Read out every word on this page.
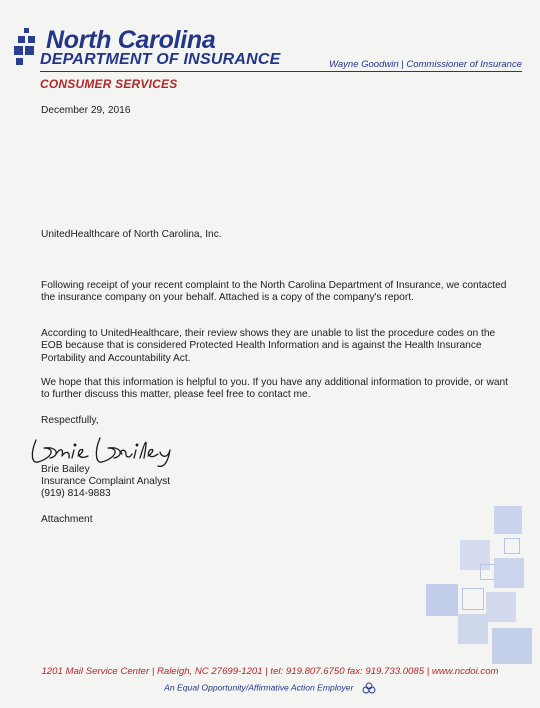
North Carolina
DEPARTMENT OF INSURANCE	Wayne Goodwin | Commissioner of Insurance
CONSUMER SERVICES
December 29, 2016
UnitedHealthcare of North Carolina, Inc.

Following receipt of your recent complaint to the North Carolina Department of Insurance, we contacted the insurance company on your behalf. Attached is a copy of the company's report.

According to UnitedHealthcare, their review shows they are unable to list the procedure codes on the EOB because that is considered Protected Health Information and is against the Health Insurance Portability and Accountability Act.

We hope that this information is helpful to you. If you have any additional information to provide, or want to further discuss this matter, please feel free to contact me.

Respectfully,
Brie Bailey
Insurance Complaint Analyst
(919) 814-9883
Attachment
1201 Mail Service Center | Raleigh, NC 27699-1201 | tel: 919.807.6750 fax: 919.733.0085 | www.ncdoi.com
An Equal Opportunity/Affirmative Action Employer
